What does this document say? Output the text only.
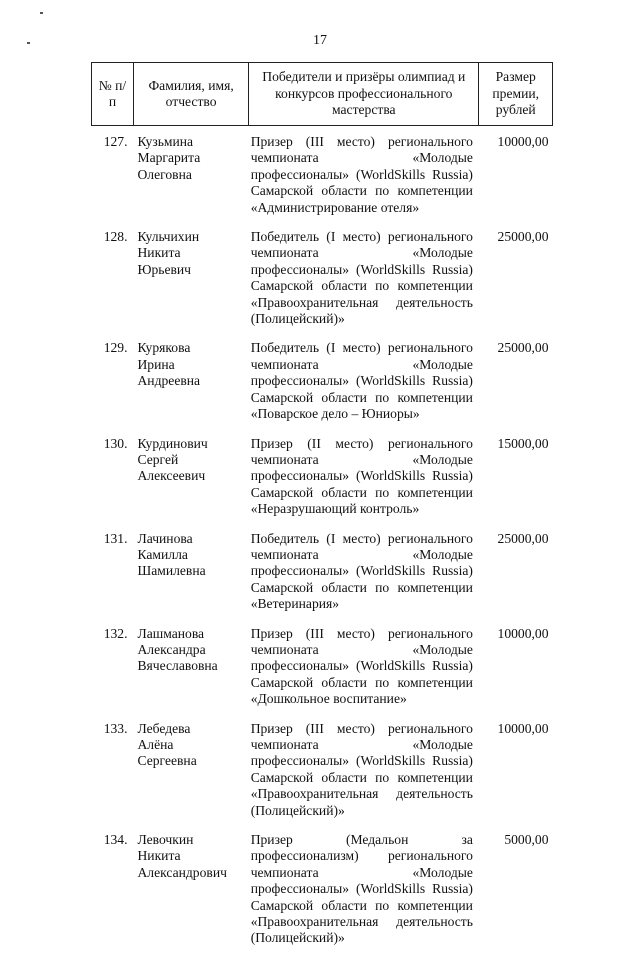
17
№ п/п	Фамилия, имя, отчество	Победители и призёры олимпиад и конкурсов профессионального мастерства	Размер премии, рублей
127.	Кузьмина
Маргарита
Олеговна	Призер (III место) регионального чемпионата «Молодые профессионалы» (WorldSkills Russia) Самарской области по компетенции «Администрирование отеля»	10000,00
128.	Кульчихин
Никита
Юрьевич	Победитель (I место) регионального чемпионата «Молодые профессионалы» (WorldSkills Russia) Самарской области по компетенции «Правоохранительная деятельность (Полицейский)»	25000,00
129.	Курякова
Ирина
Андреевна	Победитель (I место) регионального чемпионата «Молодые профессионалы» (WorldSkills Russia) Самарской области по компетенции «Поварское дело – Юниоры»	25000,00
130.	Курдинович
Сергей
Алексеевич	Призер (II место) регионального чемпионата «Молодые профессионалы» (WorldSkills Russia) Самарской области по компетенции «Неразрушающий контроль»	15000,00
131.	Лачинова
Камилла
Шамилевна	Победитель (I место) регионального чемпионата «Молодые профессионалы» (WorldSkills Russia) Самарской области по компетенции «Ветеринария»	25000,00
132.	Лашманова
Александра
Вячеславовна	Призер (III место) регионального чемпионата «Молодые профессионалы» (WorldSkills Russia) Самарской области по компетенции «Дошкольное воспитание»	10000,00
133.	Лебедева
Алёна
Сергеевна	Призер (III место) регионального чемпионата «Молодые профессионалы» (WorldSkills Russia) Самарской области по компетенции «Правоохранительная деятельность (Полицейский)»	10000,00
134.	Левочкин
Никита
Александрович	Призер (Медальон за профессионализм) регионального чемпионата «Молодые профессионалы» (WorldSkills Russia) Самарской области по компетенции «Правоохранительная деятельность (Полицейский)»	5000,00
